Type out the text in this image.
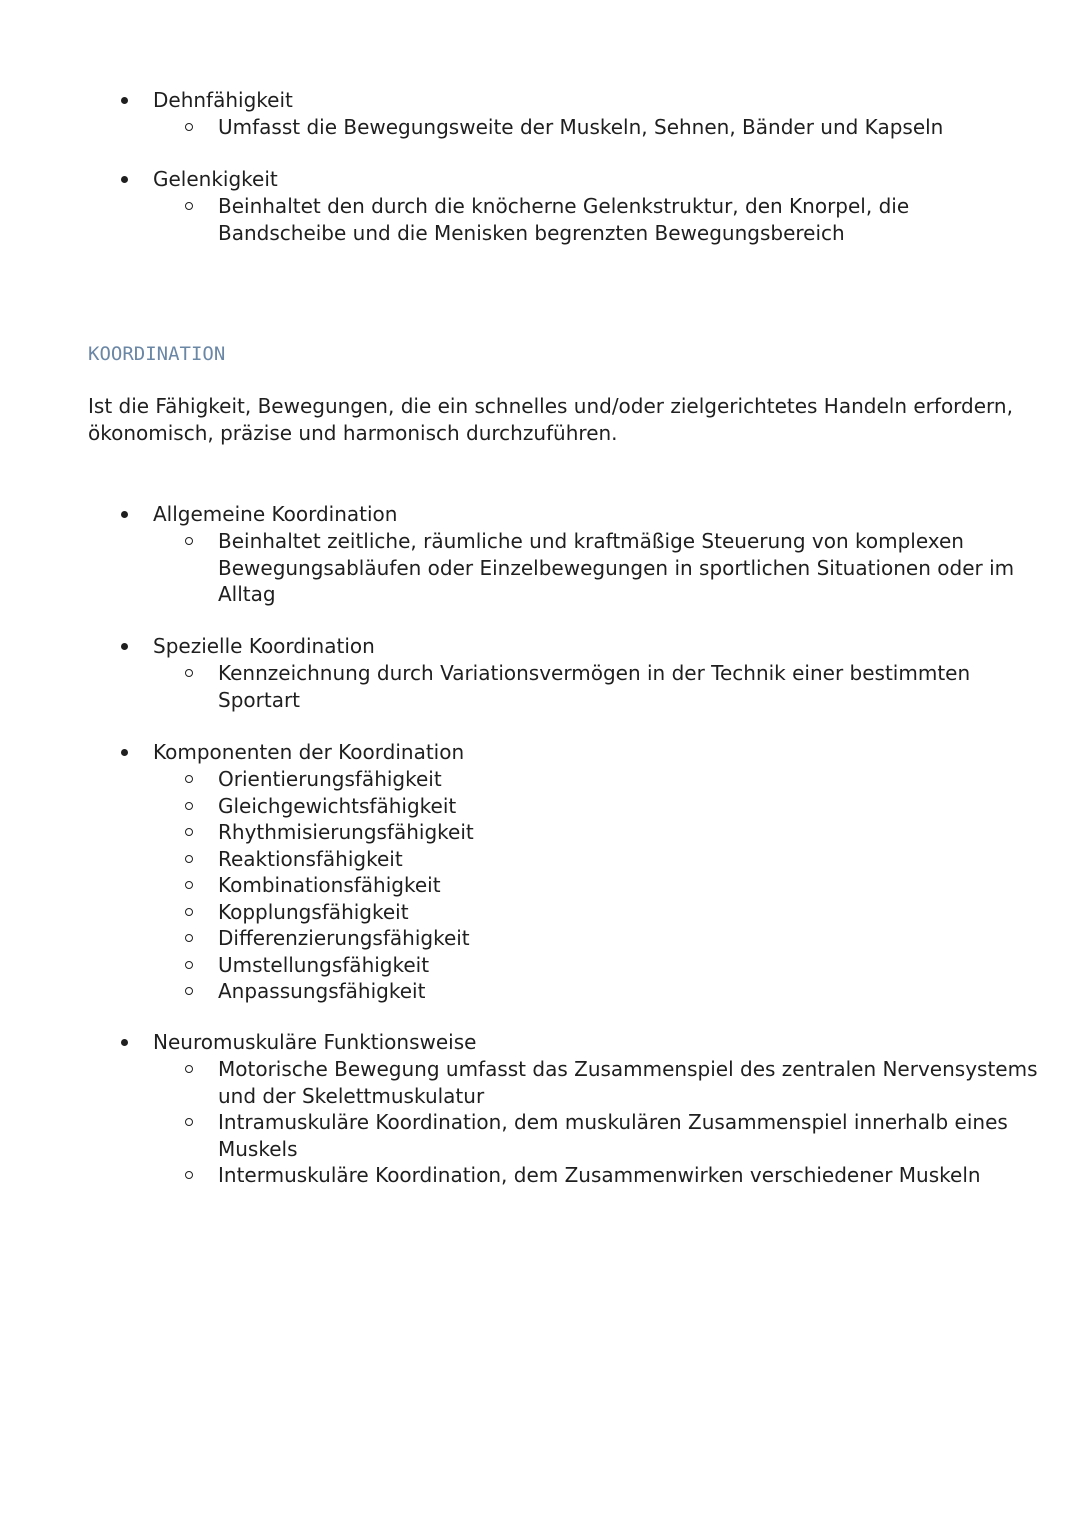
Dehnfähigkeit
Umfasst die Bewegungsweite der Muskeln, Sehnen, Bänder und Kapseln
Gelenkigkeit
Beinhaltet den durch die knöcherne Gelenkstruktur, den Knorpel, die
Bandscheibe und die Menisken begrenzten Bewegungsbereich
KOORDINATION
Ist die Fähigkeit, Bewegungen, die ein schnelles und/oder zielgerichtetes Handeln erfordern,
ökonomisch, präzise und harmonisch durchzuführen.
Allgemeine Koordination
Beinhaltet zeitliche, räumliche und kraftmäßige Steuerung von komplexen
Bewegungsabläufen oder Einzelbewegungen in sportlichen Situationen oder im
Alltag
Spezielle Koordination
Kennzeichnung durch Variationsvermögen in der Technik einer bestimmten
Sportart
Komponenten der Koordination
Orientierungsfähigkeit
Gleichgewichtsfähigkeit
Rhythmisierungsfähigkeit
Reaktionsfähigkeit
Kombinationsfähigkeit
Kopplungsfähigkeit
Differenzierungsfähigkeit
Umstellungsfähigkeit
Anpassungsfähigkeit
Neuromuskuläre Funktionsweise
Motorische Bewegung umfasst das Zusammenspiel des zentralen Nervensystems
und der Skelettmuskulatur
Intramuskuläre Koordination, dem muskulären Zusammenspiel innerhalb eines
Muskels
Intermuskuläre Koordination, dem Zusammenwirken verschiedener Muskeln
